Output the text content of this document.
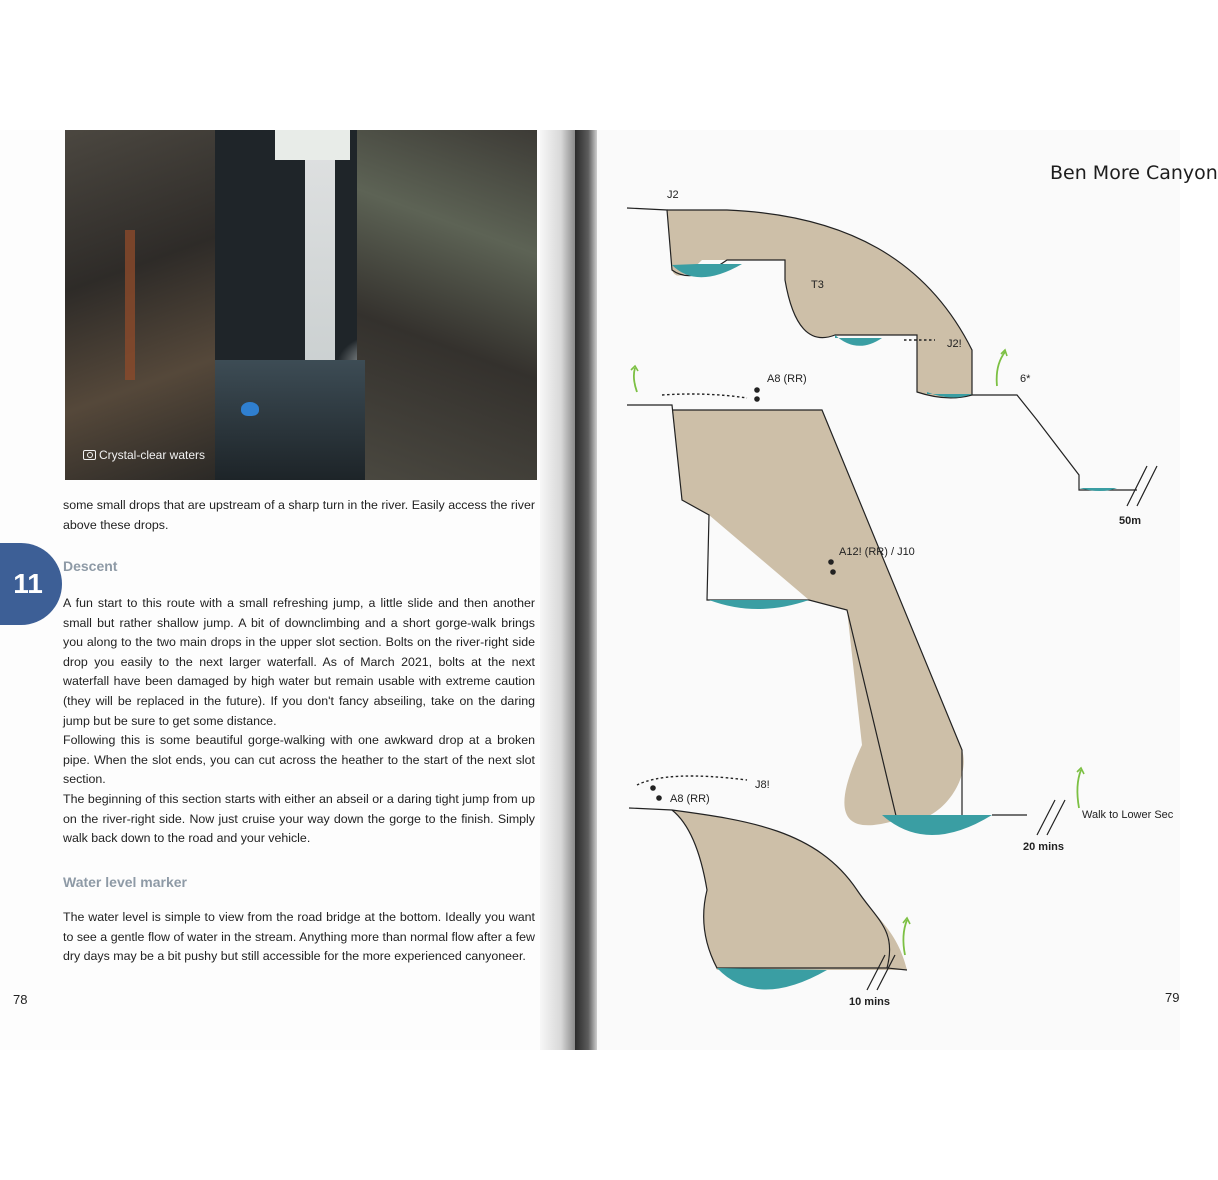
Crystal-clear waters
some small drops that are upstream of a sharp turn in the river. Easily access the river above these drops.
11
Descent
A fun start to this route with a small refreshing jump, a little slide and then another small but rather shallow jump. A bit of downclimbing and a short gorge-walk brings you along to the two main drops in the upper slot section. Bolts on the river-right side drop you easily to the next larger waterfall. As of March 2021, bolts at the next waterfall have been damaged by high water but remain usable with extreme caution (they will be replaced in the future). If you don't fancy abseiling, take on the daring jump but be sure to get some distance.
Following this is some beautiful gorge-walking with one awkward drop at a broken pipe. When the slot ends, you can cut across the heather to the start of the next slot section.
The beginning of this section starts with either an abseil or a daring tight jump from up on the river-right side. Now just cruise your way down the gorge to the finish. Simply walk back down to the road and your vehicle.
Water level marker
The water level is simple to view from the road bridge at the bottom. Ideally you want to see a gentle flow of water in the stream. Anything more than normal flow after a few dry days may be a bit pushy but still accessible for the more experienced canyoneer.
78
Ben More Canyon
J2
T3
J2!
6*
A8 (RR)
50m
A12! (RR) / J10
Walk to Lower Sec
20 mins
J8!
A8 (RR)
10 mins	79
